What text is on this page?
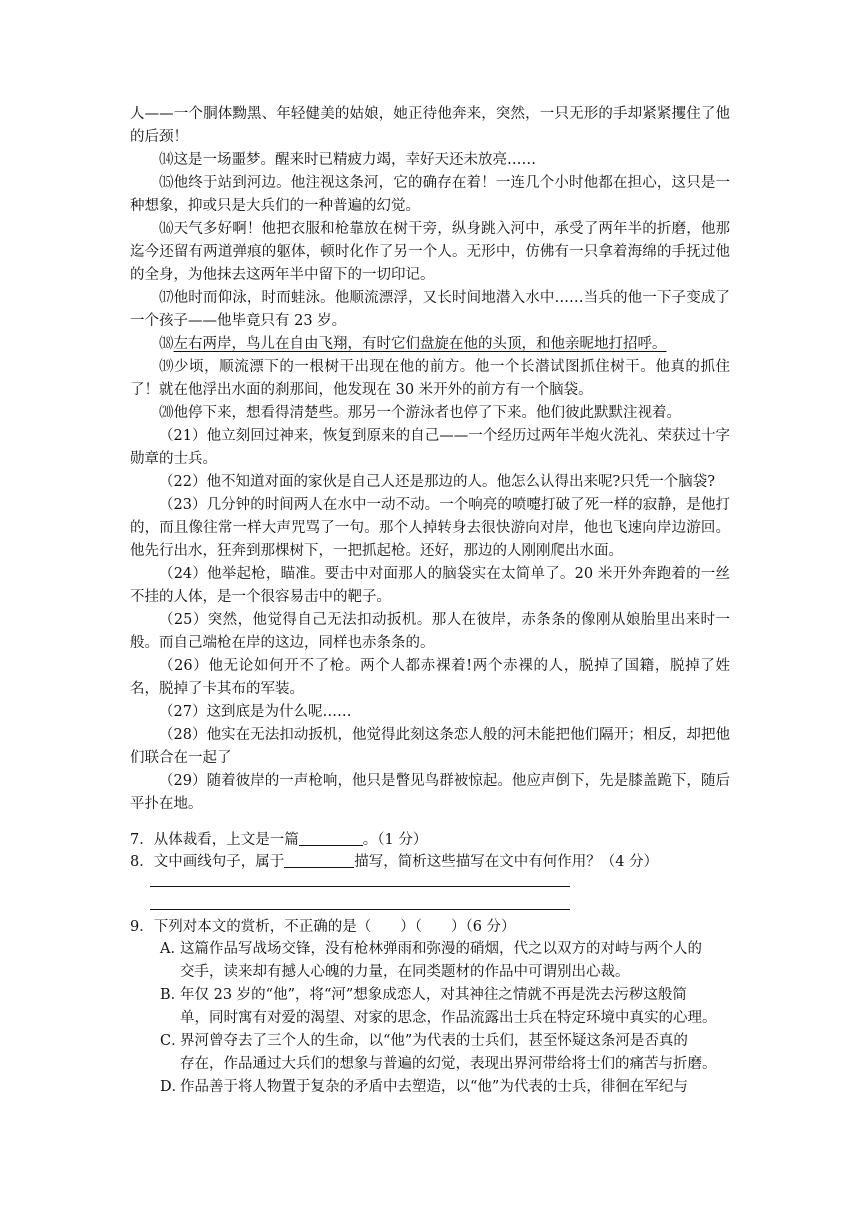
人——一个胴体黝黑、年轻健美的姑娘，她正待他奔来，突然，一只无形的手却紧紧攫住了他的后颈！

⒁这是一场噩梦。醒来时已精疲力竭，幸好天还未放亮……

⒂他终于站到河边。他注视这条河，它的确存在着！一连几个小时他都在担心，这只是一种想象，抑或只是大兵们的一种普遍的幻觉。

⒃天气多好啊！他把衣服和枪靠放在树干旁，纵身跳入河中，承受了两年半的折磨，他那迄今还留有两道弹痕的躯体，顿时化作了另一个人。无形中，仿佛有一只拿着海绵的手抚过他的全身，为他抹去这两年半中留下的一切印记。

⒄他时而仰泳，时而蛙泳。他顺流漂浮，又长时间地潜入水中……当兵的他一下子变成了一个孩子——他毕竟只有 23 岁。

⒅左右两岸，鸟儿在自由飞翔，有时它们盘旋在他的头顶，和他亲昵地打招呼。

⒆少顷，顺流漂下的一根树干出现在他的前方。他一个长潜试图抓住树干。他真的抓住了！就在他浮出水面的刹那间，他发现在 30 米开外的前方有一个脑袋。

⒇他停下来，想看得清楚些。那另一个游泳者也停了下来。他们彼此默默注视着。

（21）他立刻回过神来，恢复到原来的自己——一个经历过两年半炮火洗礼、荣获过十字勋章的士兵。

（22）他不知道对面的家伙是自己人还是那边的人。他怎么认得出来呢?只凭一个脑袋?

（23）几分钟的时间两人在水中一动不动。一个响亮的喷嚏打破了死一样的寂静，是他打的，而且像往常一样大声咒骂了一句。那个人掉转身去很快游向对岸，他也飞速向岸边游回。他先行出水，狂奔到那棵树下，一把抓起枪。还好，那边的人刚刚爬出水面。

（24）他举起枪，瞄准。要击中对面那人的脑袋实在太简单了。20 米开外奔跑着的一丝不挂的人体，是一个很容易击中的靶子。

（25）突然，他觉得自己无法扣动扳机。那人在彼岸，赤条条的像刚从娘胎里出来时一般。而自己端枪在岸的这边，同样也赤条条的。

（26）他无论如何开不了枪。两个人都赤裸着!两个赤裸的人，脱掉了国籍，脱掉了姓名，脱掉了卡其布的军装。

（27）这到底是为什么呢……

（28）他实在无法扣动扳机，他觉得此刻这条恋人般的河未能把他们隔开；相反，却把他们联合在一起了

（29）随着彼岸的一声枪响，他只是瞥见鸟群被惊起。他应声倒下，先是膝盖跪下，随后平扑在地。

7．从体裁看，上文是一篇	。（1 分）

8．文中画线句子，属于	描写，简析这些描写在文中有何作用？（4 分）

9．下列对本文的赏析，不正确的是（　　）（　　）（6 分）

A．这篇作品写战场交锋，没有枪林弹雨和弥漫的硝烟，代之以双方的对峙与两个人的
交手，读来却有撼人心魄的力量，在同类题材的作品中可谓别出心裁。
B．年仅 23 岁的“他”，将“河”想象成恋人，对其神往之情就不再是洗去污秽这般简
单，同时寓有对爱的渴望、对家的思念，作品流露出士兵在特定环境中真实的心理。
C．界河曾夺去了三个人的生命，以“他”为代表的士兵们，甚至怀疑这条河是否真的
存在，作品通过大兵们的想象与普遍的幻觉，表现出界河带给将士们的痛苦与折磨。
D．作品善于将人物置于复杂的矛盾中去塑造，以“他”为代表的士兵，徘徊在军纪与
